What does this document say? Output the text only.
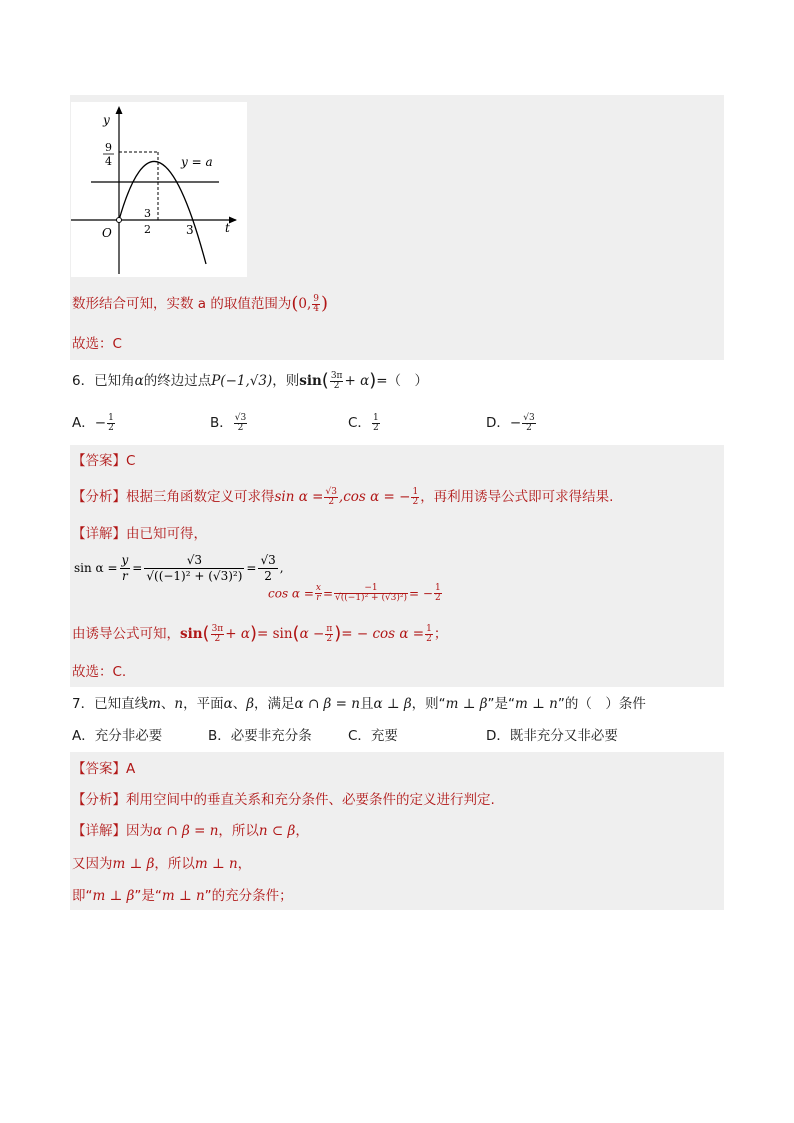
y
t
O
9
4
3
2	3
y = a
数形结合可知，实数 a 的取值范围为(0, $\frac{9}{4}$ )
故选：C
6．已知角α的终边过点P(−1,√3)，则$\sin( \frac{3\pi}{2} + \alpha)=$（　）
A．− $\frac{1}{2}$	B． $\frac{√3}{2}$	C． $\frac{1}{2}$	D．− $\frac{√3}{2}$
【答案】C
【分析】根据三角函数定义可求得$\sin \alpha = \frac{√3}{2} ,\cos$ α = − $\frac{1}{2}$ ，再利用诱导公式即可求得结果.
【详解】由已知可得，
$\sin \alpha = \frac{y}{r} = \frac{√3}{\text{√((−1)² + (√3)²)}} = \frac{√3}{2}$ ,
$\cos \alpha = \frac{x}{r} = \frac{-1}{\text{√((−1)² + (√3)²)}}$ = − $\frac{1}{2}$
由诱导公式可知，$\sin( \frac{3\pi}{2} + \alpha)= \sin(\alpha - \frac{\pi}{2}$ )= − $\cos \alpha = \frac{1}{2}$ ；
故选：C.
7．已知直线m、n，平面α、β，满足α ∩ β = n且α ⊥ β，则“m ⊥ β”是“m ⊥ n”的（　）条件
A．充分非必要	B．必要非充分条	C．充要	D．既非充分又非必要
【答案】A
【分析】利用空间中的垂直关系和充分条件、必要条件的定义进行判定.
【详解】因为α ∩ β = n，所以n ⊂ β，
又因为m ⊥ β，所以m ⊥ n，
即“m ⊥ β”是“m ⊥ n”的充分条件；
